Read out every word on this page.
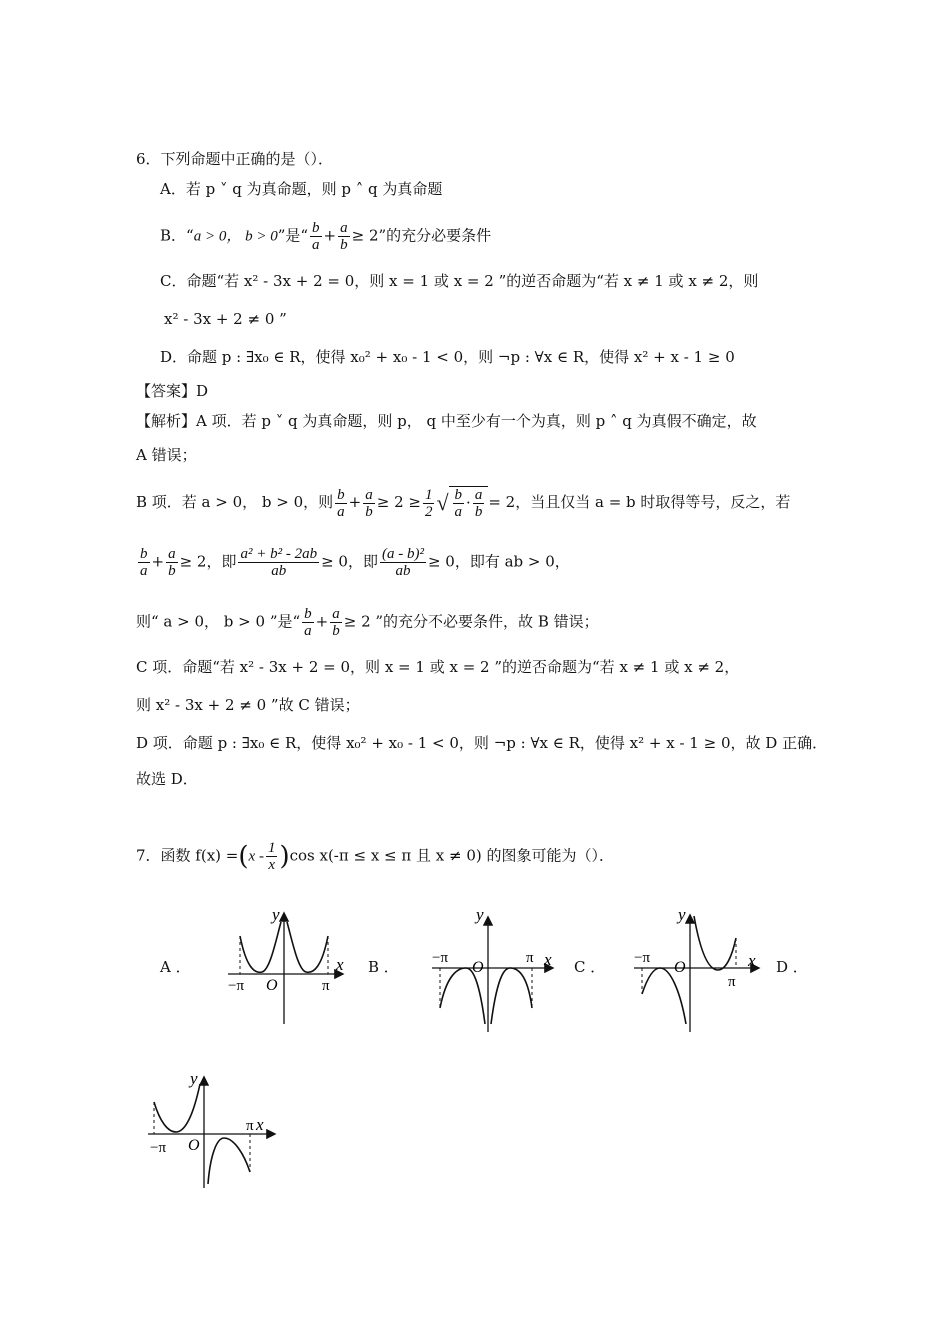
6．下列命题中正确的是（）．
A．若 p ˅ q 为真命题，则 p ˄ q 为真命题
B．“a > 0， b > 0”是“ $\frac{b}{a} + \frac{a}{b} \ge 2$”的充分必要条件
C．命题“若 x² - 3x + 2 = 0，则 x = 1 或 x = 2 ”的逆否命题为“若 x ≠ 1 或 x ≠ 2，则
x² - 3x + 2 ≠ 0 ”
D．命题 p : ∃x₀ ∈ R，使得 x₀² + x₀ - 1 < 0，则 ¬p : ∀x ∈ R，使得 x² + x - 1 ≥ 0
【答案】D
【解析】A 项．若 p ˅ q 为真命题，则 p， q 中至少有一个为真，则 p ˄ q 为真假不确定，故
A 错误；
B 项．若 a > 0， b > 0，则 $\frac{b}{a} + \frac{a}{b} \ge 2 \ge \frac{1}{2}$ √ $\frac{b}{a} \cdot \frac{a}{b} = 2$，当且仅当 a = b 时取得等号，反之，若
$\frac{b}{a} + \frac{a}{b} \ge 2$，即 $\frac{\text{a² + b² - 2ab}}{ab} \ge 0$，即 $\frac{\text{(a - b)²}}{ab} \ge 0$，即有 ab > 0，
则“ a > 0， b > 0 ”是“ $\frac{b}{a} + \frac{a}{b} \ge 2$ ”的充分不必要条件，故 B 错误；
C 项．命题“若 x² - 3x + 2 = 0，则 x = 1 或 x = 2 ”的逆否命题为“若 x ≠ 1 或 x ≠ 2，
则 x² - 3x + 2 ≠ 0 ”故 C 错误；
D 项．命题 p : ∃x₀ ∈ R，使得 x₀² + x₀ - 1 < 0，则 ¬p : ∀x ∈ R，使得 x² + x - 1 ≥ 0，故 D 正确．
故选 D．
7．函数 $f(x) =(x - \frac{1}{x} )\cos$ x(-π ≤ x ≤ π 且 x ≠ 0) 的图象可能为（）．
A ．	B ．	C ．	D ．
x
y
O
−π	π
x
y
O
−π	π	x
y
O
−π
π
x
y
O
−π
π
